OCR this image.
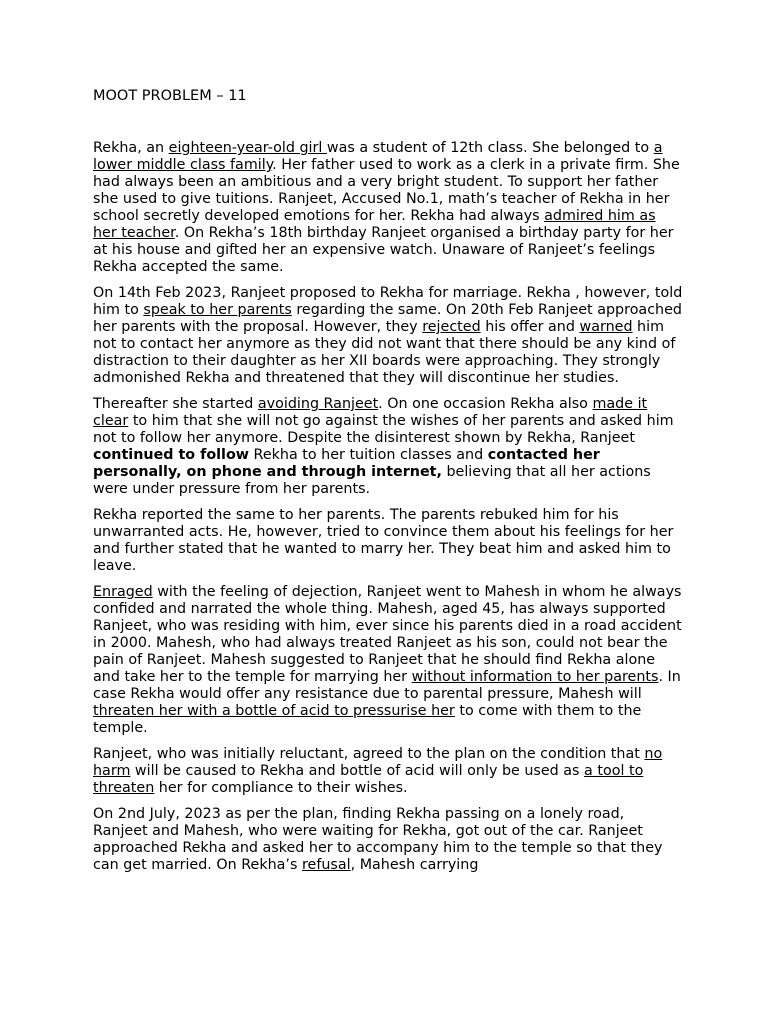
MOOT PROBLEM – 11

Rekha, an eighteen-year-old girl was a student of 12th class. She belonged to a lower middle class family. Her father used to work as a clerk in a private firm. She had always been an ambitious and a very bright student. To support her father she used to give tuitions. Ranjeet, Accused No.1, math’s teacher of Rekha in her school secretly developed emotions for her. Rekha had always admired him as her teacher. On Rekha’s 18th birthday Ranjeet organised a birthday party for her at his house and gifted her an expensive watch. Unaware of Ranjeet’s feelings Rekha accepted the same.

On 14th Feb 2023, Ranjeet proposed to Rekha for marriage. Rekha , however, told him to speak to her parents regarding the same. On 20th Feb Ranjeet approached her parents with the proposal. However, they rejected his offer and warned him not to contact her anymore as they did not want that there should be any kind of distraction to their daughter as her XII boards were approaching. They strongly admonished Rekha and threatened that they will discontinue her studies.

Thereafter she started avoiding Ranjeet. On one occasion Rekha also made it clear to him that she will not go against the wishes of her parents and asked him not to follow her anymore. Despite the disinterest shown by Rekha, Ranjeet continued to follow Rekha to her tuition classes and contacted her personally, on phone and through internet, believing that all her actions were under pressure from her parents.

Rekha reported the same to her parents. The parents rebuked him for his unwarranted acts. He, however, tried to convince them about his feelings for her and further stated that he wanted to marry her. They beat him and asked him to leave.

Enraged with the feeling of dejection, Ranjeet went to Mahesh in whom he always confided and narrated the whole thing. Mahesh, aged 45, has always supported Ranjeet, who was residing with him, ever since his parents died in a road accident in 2000. Mahesh, who had always treated Ranjeet as his son, could not bear the pain of Ranjeet. Mahesh suggested to Ranjeet that he should find Rekha alone and take her to the temple for marrying her without information to her parents. In case Rekha would offer any resistance due to parental pressure, Mahesh will threaten her with a bottle of acid to pressurise her to come with them to the temple.

Ranjeet, who was initially reluctant, agreed to the plan on the condition that no harm will be caused to Rekha and bottle of acid will only be used as a tool to threaten her for compliance to their wishes.

On 2nd July, 2023 as per the plan, finding Rekha passing on a lonely road, Ranjeet and Mahesh, who were waiting for Rekha, got out of the car. Ranjeet approached Rekha and asked her to accompany him to the temple so that they can get married. On Rekha’s refusal, Mahesh carrying
